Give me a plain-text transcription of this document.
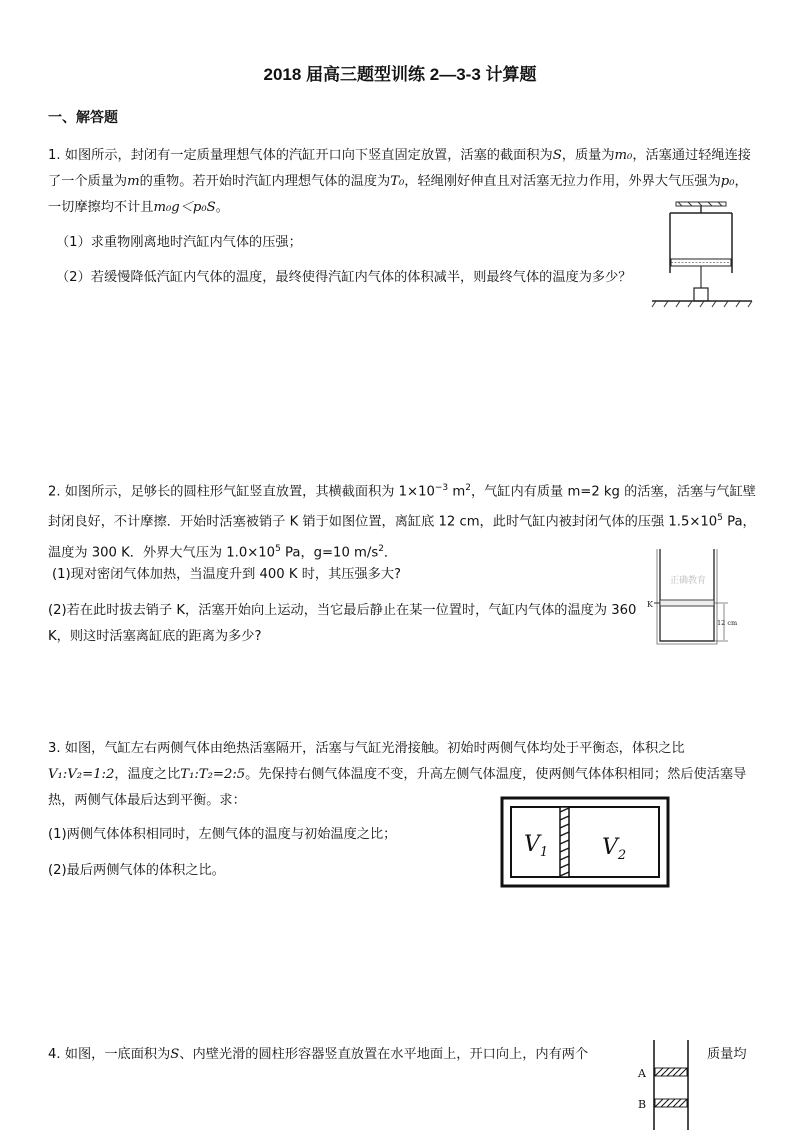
2018 届高三题型训练 2—3-3 计算题
一、解答题
1. 如图所示，封闭有一定质量理想气体的汽缸开口向下竖直固定放置，活塞的截面积为S，质量为m₀，活塞通过轻绳连接了一个质量为m的重物。若开始时汽缸内理想气体的温度为T₀，轻绳刚好伸直且对活塞无拉力作用，外界大气压强为p₀，一切摩擦均不计且m₀g＜p₀S。
（1）求重物刚离地时汽缸内气体的压强；
（2）若缓慢降低汽缸内气体的温度，最终使得汽缸内气体的体积减半，则最终气体的温度为多少？
2. 如图所示，足够长的圆柱形气缸竖直放置，其横截面积为 $1\times 10^{-3}$ $m^2$，气缸内有质量 m=2 kg 的活塞，活塞与气缸壁封闭良好，不计摩擦．开始时活塞被销子 K 销于如图位置，离缸底 12 cm，此时气缸内被封闭气体的压强 $1.5\times 10^5$ Pa，温度为 300 K．外界大气压为 $1.0\times 10^5$ Pa，g=10 $m/s^2$．
(1)现对密闭气体加热，当温度升到 400 K 时，其压强多大?
(2)若在此时拔去销子 K，活塞开始向上运动，当它最后静止在某一位置时，气缸内气体的温度为 360 K，则这时活塞离缸底的距离为多少?
正确教育
K
12 cm
3. 如图，气缸左右两侧气体由绝热活塞隔开，活塞与气缸光滑接触。初始时两侧气体均处于平衡态，体积之比V₁:V₂=1:2，温度之比T₁:T₂=2:5。先保持右侧气体温度不变，升高左侧气体温度，使两侧气体体积相同；然后使活塞导热，两侧气体最后达到平衡。求：
(1)两侧气体体积相同时，左侧气体的温度与初始温度之比；
(2)最后两侧气体的体积之比。
$V_1$ $V_2$
4. 如图，一底面积为S、内壁光滑的圆柱形容器竖直放置在水平地面上，开口向上，内有两个	质量均
A
B
